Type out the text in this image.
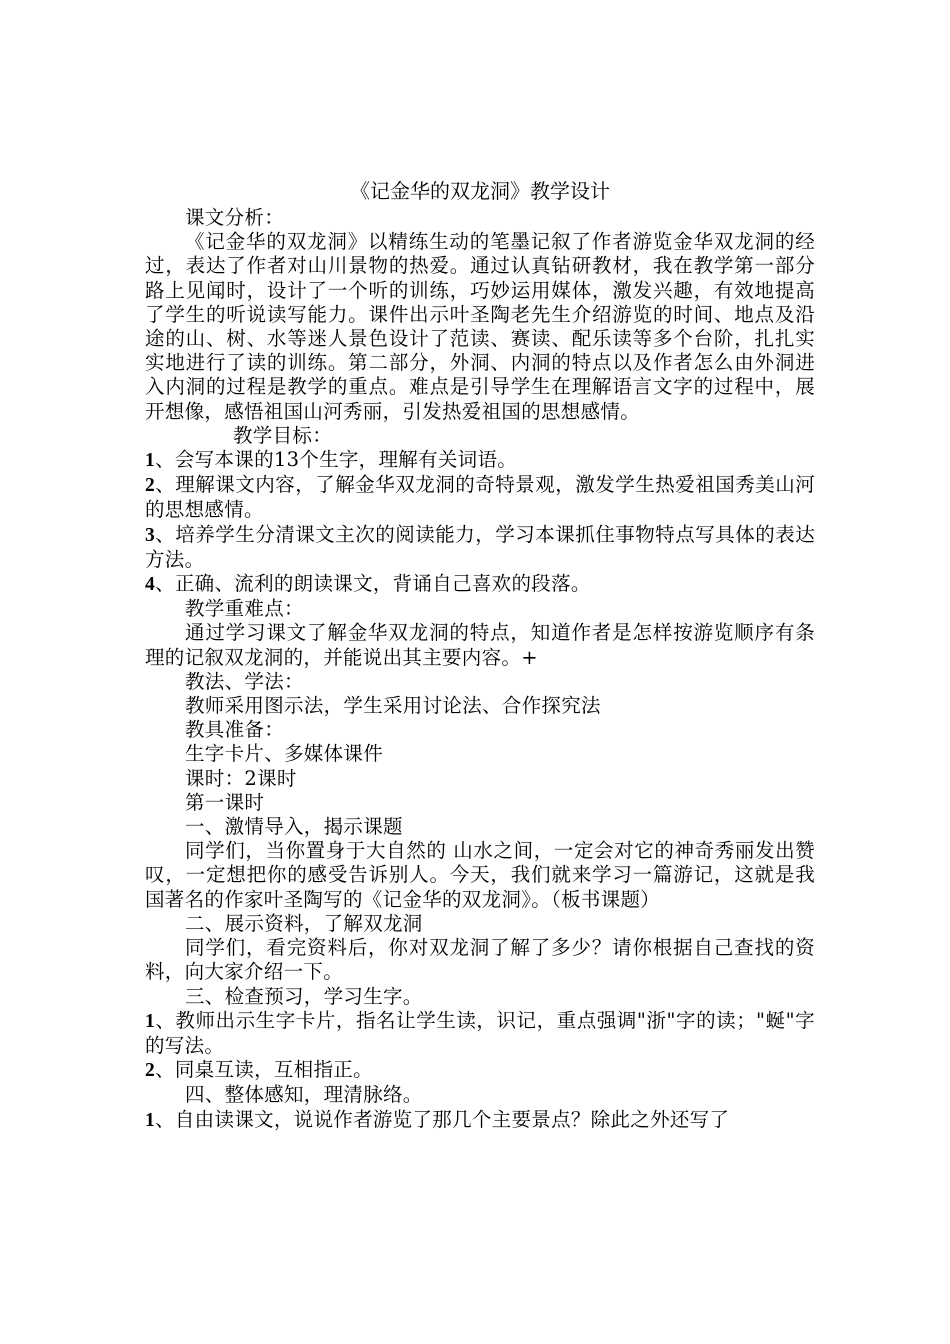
《记金华的双龙洞》教学设计

课文分析：

《记金华的双龙洞》以精练生动的笔墨记叙了作者游览金华双龙洞的经过，表达了作者对山川景物的热爱。通过认真钻研教材，我在教学第一部分路上见闻时，设计了一个听的训练，巧妙运用媒体，激发兴趣，有效地提高了学生的听说读写能力。课件出示叶圣陶老先生介绍游览的时间、地点及沿途的山、树、水等迷人景色设计了范读、赛读、配乐读等多个台阶，扎扎实实地进行了读的训练。第二部分，外洞、内洞的特点以及作者怎么由外洞进入内洞的过程是教学的重点。难点是引导学生在理解语言文字的过程中，展开想像，感悟祖国山河秀丽，引发热爱祖国的思想感情。

教学目标：

1、会写本课的13个生字，理解有关词语。

2、理解课文内容，了解金华双龙洞的奇特景观，激发学生热爱祖国秀美山河的思想感情。

3、培养学生分清课文主次的阅读能力，学习本课抓住事物特点写具体的表达方法。

4、正确、流利的朗读课文，背诵自己喜欢的段落。

教学重难点：

通过学习课文了解金华双龙洞的特点，知道作者是怎样按游览顺序有条理的记叙双龙洞的，并能说出其主要内容。+

教法、学法：

教师采用图示法，学生采用讨论法、合作探究法

教具准备：

生字卡片、多媒体课件

课时：2课时

第一课时

一、激情导入，揭示课题

同学们，当你置身于大自然的 山水之间，一定会对它的神奇秀丽发出赞叹，一定想把你的感受告诉别人。今天，我们就来学习一篇游记，这就是我国著名的作家叶圣陶写的《记金华的双龙洞》。（板书课题）

二、展示资料，了解双龙洞

同学们，看完资料后，你对双龙洞了解了多少？请你根据自己查找的资料，向大家介绍一下。

三、检查预习，学习生字。

1、教师出示生字卡片，指名让学生读，识记，重点强调"浙"字的读；"蜒"字的写法。

2、同桌互读，互相指正。

四、整体感知，理清脉络。

1、自由读课文，说说作者游览了那几个主要景点？除此之外还写了
